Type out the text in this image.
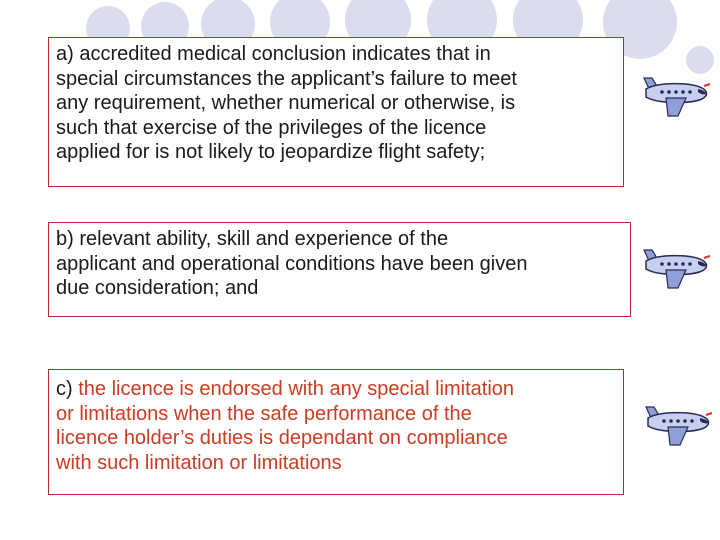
a) accredited medical conclusion indicates that in
special circumstances the applicant’s failure to meet
any requirement, whether numerical or otherwise, is
such that exercise of the privileges of the licence
applied for is not likely to jeopardize flight safety;
b) relevant ability, skill and experience of the
applicant and operational conditions have been given
due consideration; and
c) the licence is endorsed with any special limitation
or limitations when the safe performance of the
licence holder’s duties is dependant on compliance
with such limitation or limitations
